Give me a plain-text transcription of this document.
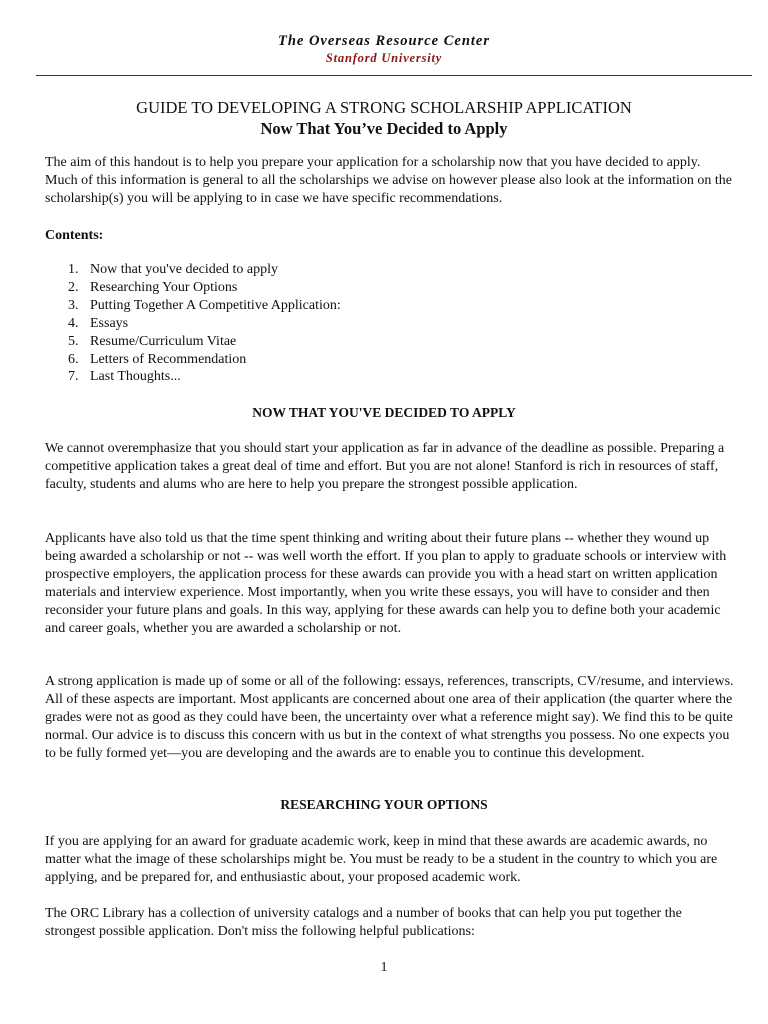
The Overseas Resource Center
Stanford University
GUIDE TO DEVELOPING A STRONG SCHOLARSHIP APPLICATION
Now That You’ve Decided to Apply
The aim of this handout is to help you prepare your application for a scholarship now that you have decided to apply. Much of this information is general to all the scholarships we advise on however please also look at the information on the scholarship(s) you will be applying to in case we have specific recommendations.
Contents:
1. Now that you've decided to apply
2. Researching Your Options
3. Putting Together A Competitive Application:
4. Essays
5. Resume/Curriculum Vitae
6. Letters of Recommendation
7. Last Thoughts...
NOW THAT YOU'VE DECIDED TO APPLY
We cannot overemphasize that you should start your application as far in advance of the deadline as possible. Preparing a competitive application takes a great deal of time and effort. But you are not alone! Stanford is rich in resources of staff, faculty, students and alums who are here to help you prepare the strongest possible application.
Applicants have also told us that the time spent thinking and writing about their future plans -- whether they wound up being awarded a scholarship or not -- was well worth the effort. If you plan to apply to graduate schools or interview with prospective employers, the application process for these awards can provide you with a head start on written application materials and interview experience. Most importantly, when you write these essays, you will have to consider and then reconsider your future plans and goals. In this way, applying for these awards can help you to define both your academic and career goals, whether you are awarded a scholarship or not.
A strong application is made up of some or all of the following: essays, references, transcripts, CV/resume, and interviews. All of these aspects are important. Most applicants are concerned about one area of their application (the quarter where the grades were not as good as they could have been, the uncertainty over what a reference might say). We find this to be quite normal. Our advice is to discuss this concern with us but in the context of what strengths you possess. No one expects you to be fully formed yet—you are developing and the awards are to enable you to continue this development.
RESEARCHING YOUR OPTIONS
If you are applying for an award for graduate academic work, keep in mind that these awards are academic awards, no matter what the image of these scholarships might be. You must be ready to be a student in the country to which you are applying, and be prepared for, and enthusiastic about, your proposed academic work.
The ORC Library has a collection of university catalogs and a number of books that can help you put together the strongest possible application. Don't miss the following helpful publications:
1
